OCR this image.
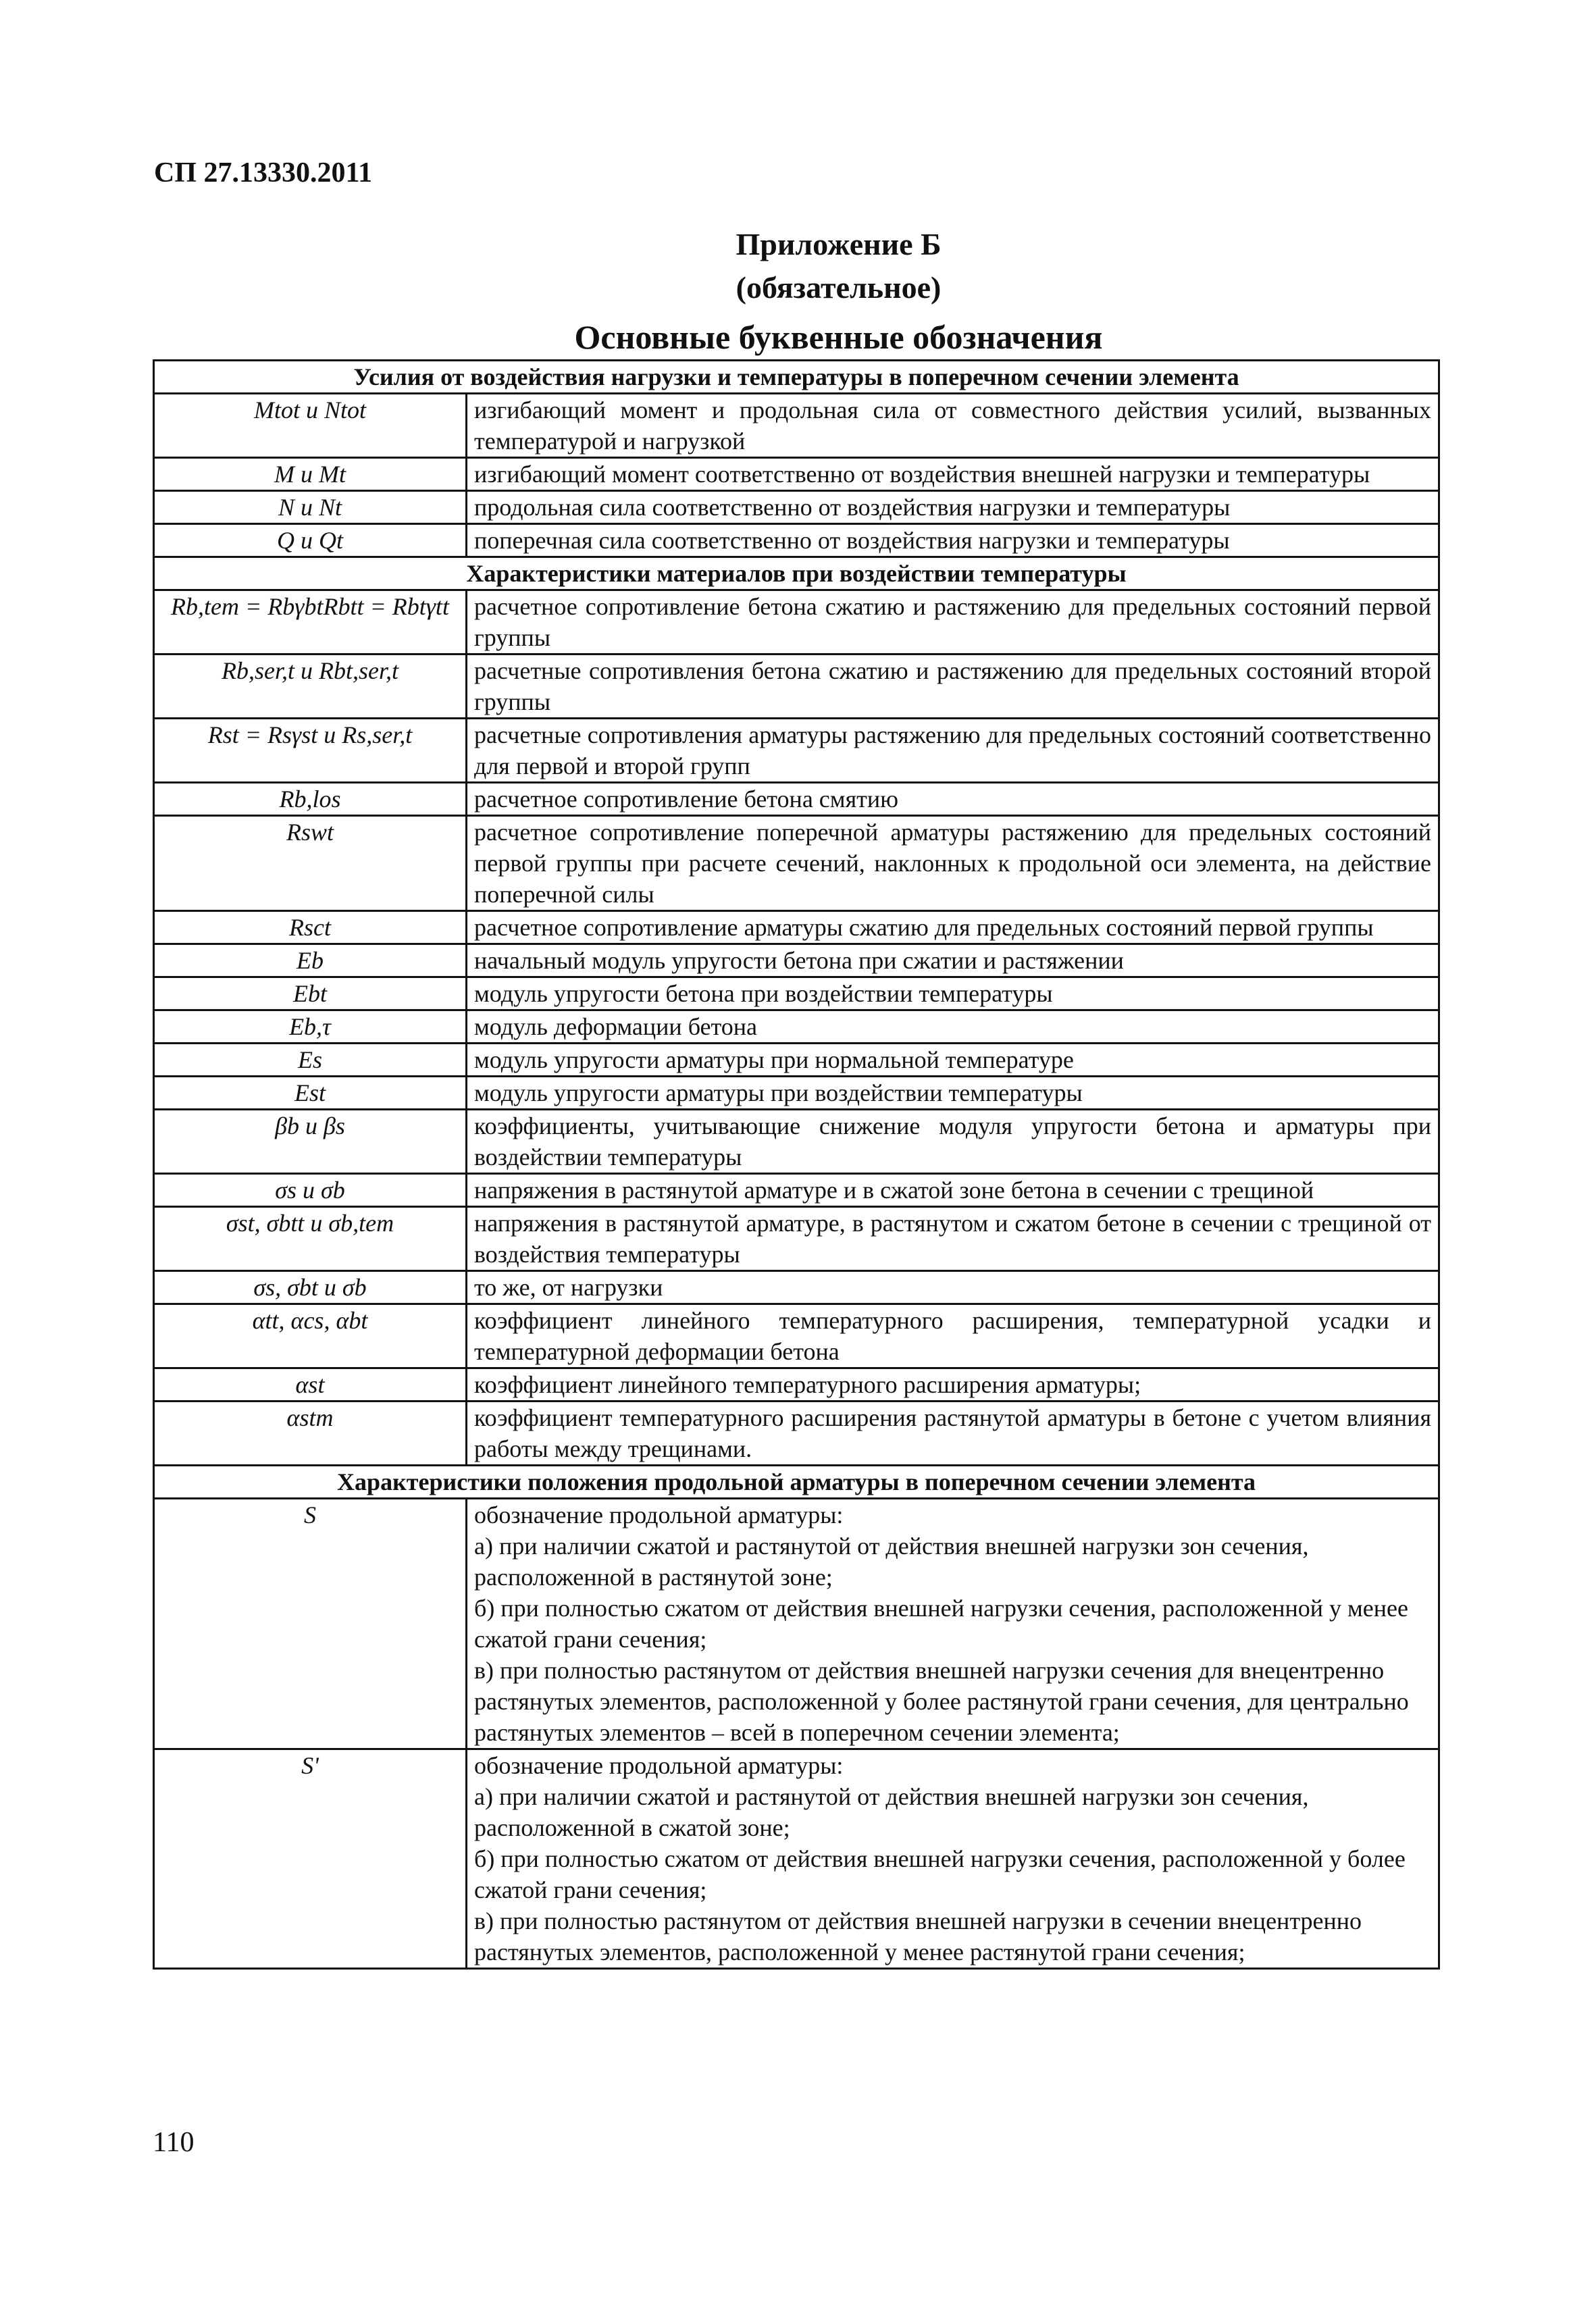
СП 27.13330.2011
Приложение Б
(обязательное)
Основные буквенные обозначения
Усилия от воздействия нагрузки и температуры в поперечном сечении элемента	
Mtot и Ntot	изгибающий момент и продольная сила от совместного действия усилий, вызванных температурой и нагрузкой

M и Mt	изгибающий момент соответственно от воздействия внешней нагрузки и температуры

N и Nt	продольная сила соответственно от воздействия нагрузки и температуры

Q и Qt	поперечная сила соответственно от воздействия нагрузки и температуры

Характеристики материалов при воздействии температуры	
Rb,tem = RbγbtRbtt = Rbtγtt	расчетное сопротивление бетона сжатию и растяжению для предельных состояний первой группы

Rb,ser,t и Rbt,ser,t	расчетные сопротивления бетона сжатию и растяжению для предельных состояний второй группы

Rst = Rsγst и Rs,ser,t	расчетные сопротивления арматуры растяжению для предельных состояний соответственно для первой и второй групп

Rb,los	расчетное сопротивление бетона смятию

Rswt	расчетное сопротивление поперечной арматуры растяжению для предельных состояний первой группы при расчете сечений, наклонных к продольной оси элемента, на действие поперечной силы

Rsct	расчетное сопротивление арматуры сжатию для предельных состояний первой группы

Eb	начальный модуль упругости бетона при сжатии и растяжении

Ebt	модуль упругости бетона при воздействии температуры

Eb,τ	модуль деформации бетона

Es	модуль упругости арматуры при нормальной температуре

Est	модуль упругости арматуры при воздействии температуры

βb и βs	коэффициенты, учитывающие снижение модуля упругости бетона и арматуры при воздействии температуры

σs и σb	напряжения в растянутой арматуре и в сжатой зоне бетона в сечении с трещиной

σst, σbtt и σb,tem	напряжения в растянутой арматуре, в растянутом и сжатом бетоне в сечении с трещиной от воздействия температуры

σs, σbt и σb	то же, от нагрузки

αtt, αcs, αbt	коэффициент линейного температурного расширения, температурной усадки и температурной деформации бетона

αst	коэффициент линейного температурного расширения арматуры;

αstm	коэффициент температурного расширения растянутой арматуры в бетоне с учетом влияния работы между трещинами.

Характеристики положения продольной арматуры в поперечном сечении элемента	
S	обозначение продольной арматуры:
а) при наличии сжатой и растянутой от действия внешней нагрузки зон сечения, расположенной в растянутой зоне;
б) при полностью сжатом от действия внешней нагрузки сечения, расположенной у менее сжатой грани сечения;
в) при полностью растянутом от действия внешней нагрузки сечения для внецентренно растянутых элементов, расположенной у более растянутой грани сечения, для центрально растянутых элементов – всей в поперечном сечении элемента;

S'	обозначение продольной арматуры:
а) при наличии сжатой и растянутой от действия внешней нагрузки зон сечения, расположенной в сжатой зоне;
б) при полностью сжатом от действия внешней нагрузки сечения, расположенной у более сжатой грани сечения;
в) при полностью растянутом от действия внешней нагрузки в сечении внецентренно растянутых элементов, расположенной у менее растянутой грани сечения;
110
